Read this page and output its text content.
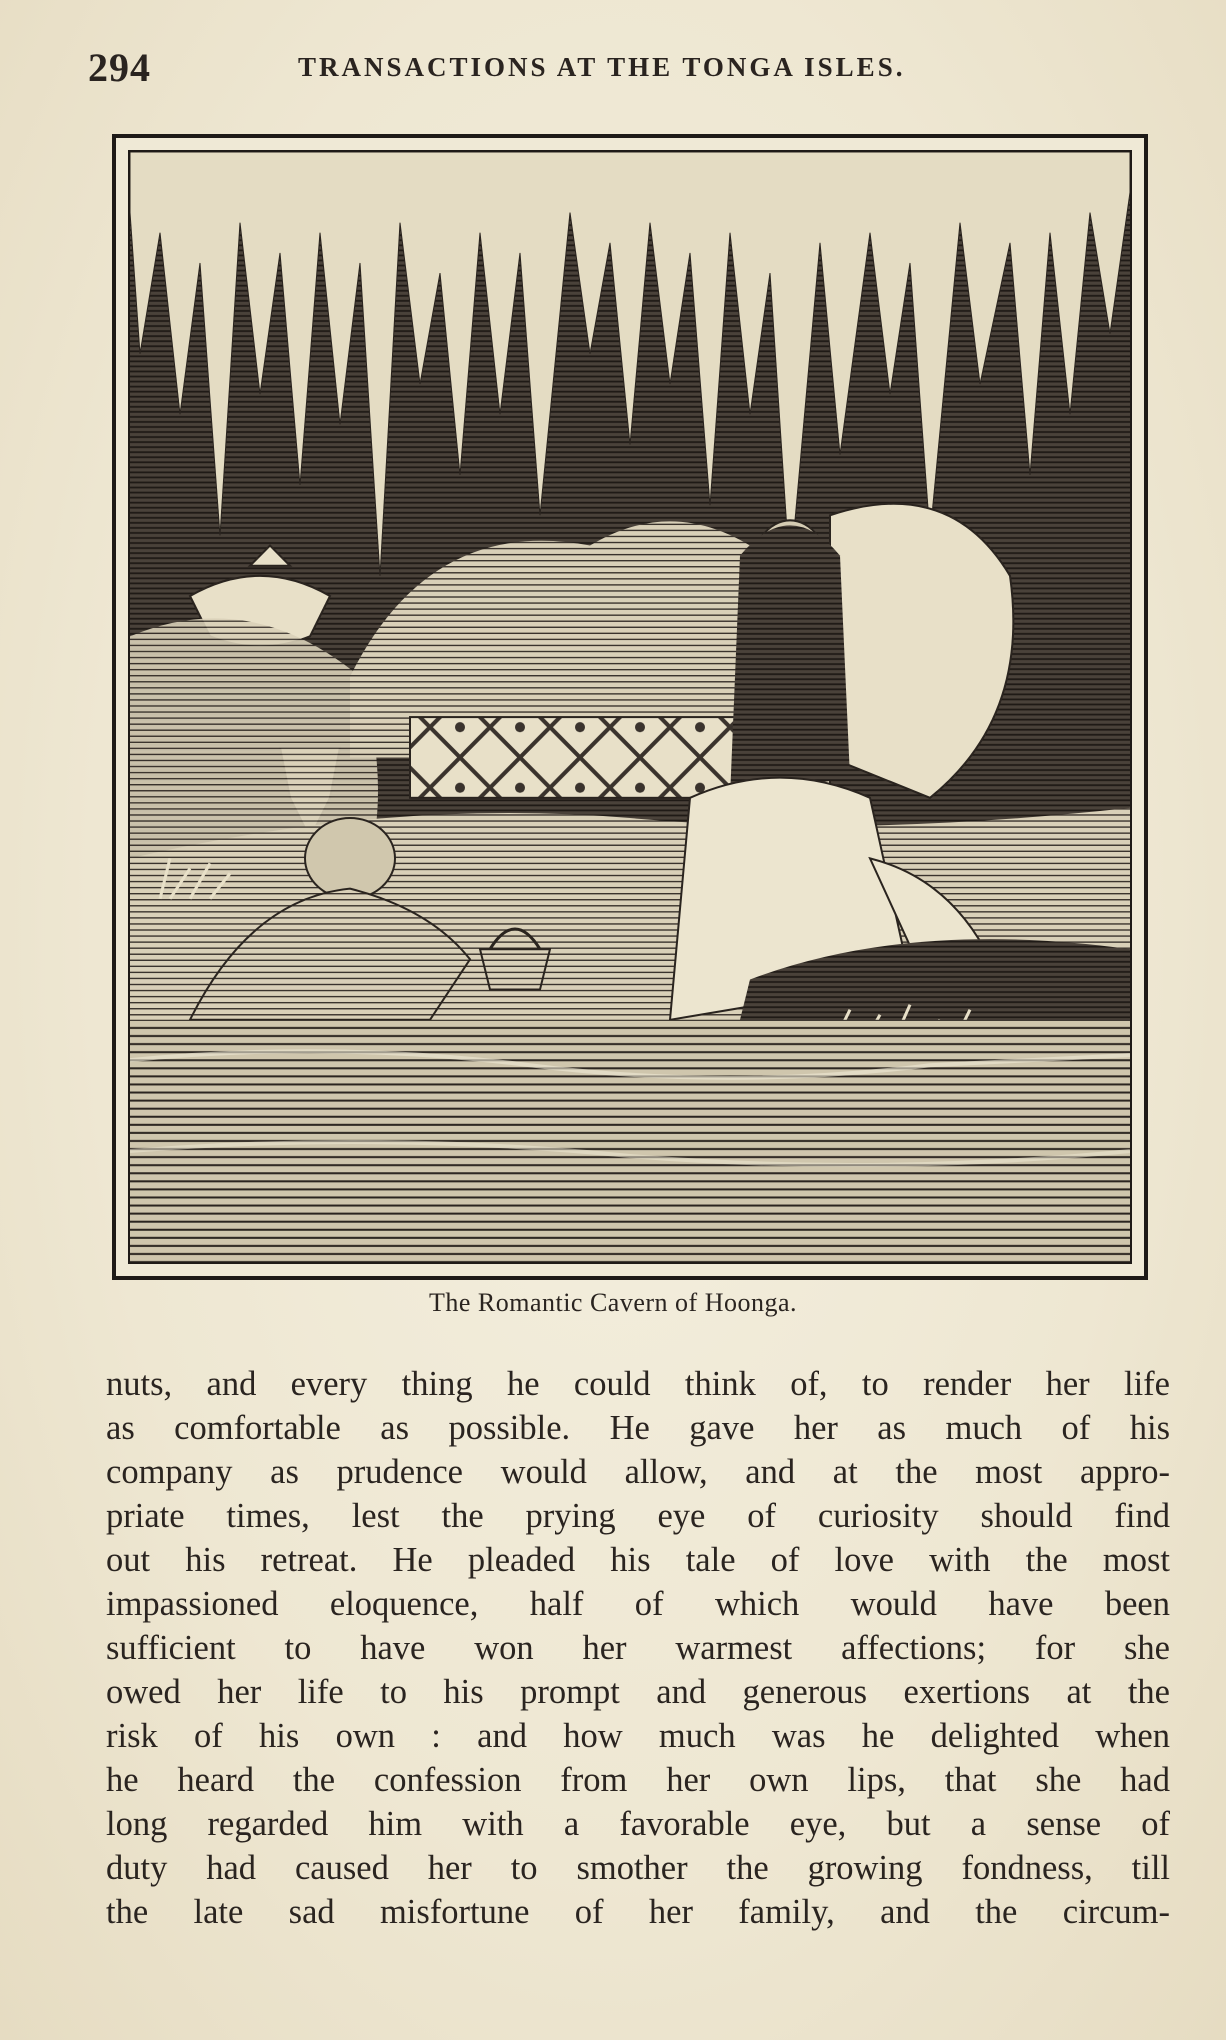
294	TRANSACTIONS AT THE TONGA ISLES.
The Romantic Cavern of Hoonga.
nuts, and every thing he could think of, to render her life
as comfortable as possible. He gave her as much of his
company as prudence would allow, and at the most appro-
priate times, lest the prying eye of curiosity should find
out his retreat. He pleaded his tale of love with the most
impassioned eloquence, half of which would have been
sufficient to have won her warmest affections; for she
owed her life to his prompt and generous exertions at the
risk of his own : and how much was he delighted when
he heard the confession from her own lips, that she had
long regarded him with a favorable eye, but a sense of
duty had caused her to smother the growing fondness, till
the late sad misfortune of her family, and the circum-
